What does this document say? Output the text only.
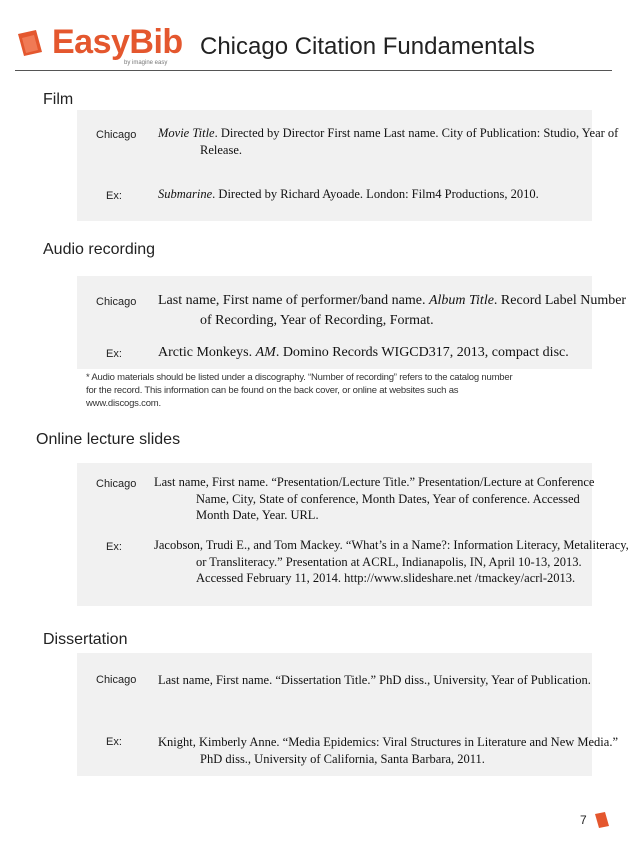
EasyBib
by imagine easy
Chicago Citation Fundamentals
Film
Chicago Movie Title. Directed by Director First name Last name. City of Publication: Studio, Year of Release.
Ex:	Submarine. Directed by Richard Ayoade. London: Film4 Productions, 2010.
Audio recording
Chicago Last name, First name of performer/band name. Album Title. Record Label Number of Recording, Year of Recording, Format.
Ex:	Arctic Monkeys. AM. Domino Records WIGCD317, 2013, compact disc.
* Audio materials should be listed under a discography. “Number of recording” refers to the catalog number for the record. This information can be found on the back cover, or online at websites such as www.discogs.com.
Online lecture slides
Chicago Last name, First name. “Presentation/Lecture Title.” Presentation/Lecture at Conference Name, City, State of conference, Month Dates, Year of conference. Accessed Month Date, Year. URL.
Ex:	Jacobson, Trudi E., and Tom Mackey. “What’s in a Name?: Information Literacy, Metaliteracy, or Transliteracy.” Presentation at ACRL, Indianapolis, IN, April 10-13, 2013. Accessed February 11, 2014. http://www.slideshare.net /tmackey/acrl-2013.
Dissertation
Chicago Last name, First name. “Dissertation Title.” PhD diss., University, Year of Publication.
Ex:	Knight, Kimberly Anne. “Media Epidemics: Viral Structures in Literature and New Media.” PhD diss., University of California, Santa Barbara, 2011.
7
